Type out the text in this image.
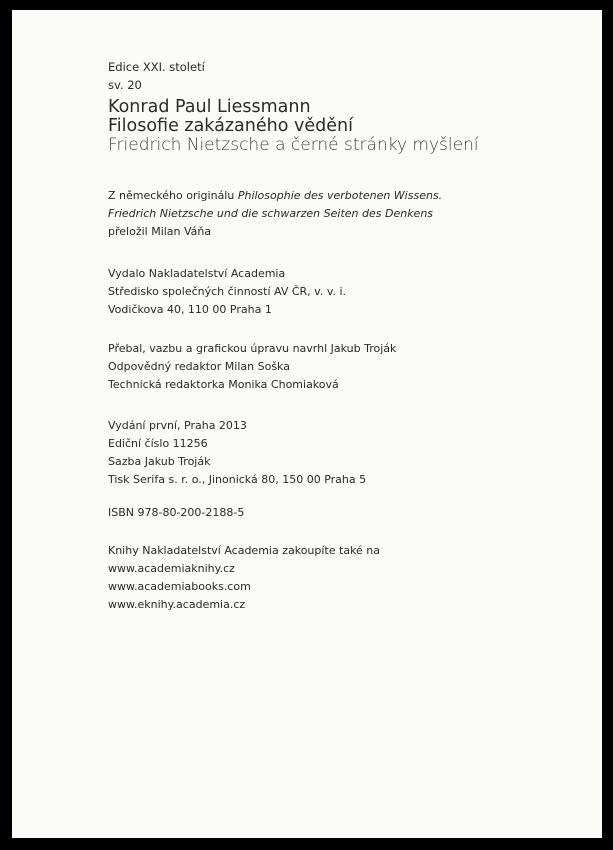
Edice XXI. století
sv. 20
Konrad Paul Liessmann
Filosofie zakázaného vědění
Friedrich Nietzsche a černé stránky myšlení
Z německého originálu Philosophie des verbotenen Wissens.
Friedrich Nietzsche und die schwarzen Seiten des Denkens
přeložil Milan Váňa
Vydalo Nakladatelství Academia
Středisko společných činností AV ČR, v. v. i.
Vodičkova 40, 110 00 Praha 1
Přebal, vazbu a grafickou úpravu navrhl Jakub Troják
Odpovědný redaktor Milan Soška
Technická redaktorka Monika Chomiaková
Vydání první, Praha 2013
Ediční číslo 11256
Sazba Jakub Troják
Tisk Serifa s. r. o., Jinonická 80, 150 00 Praha 5
ISBN 978-80-200-2188-5
Knihy Nakladatelství Academia zakoupíte také na
www.academiaknihy.cz
www.academiabooks.com
www.eknihy.academia.cz
